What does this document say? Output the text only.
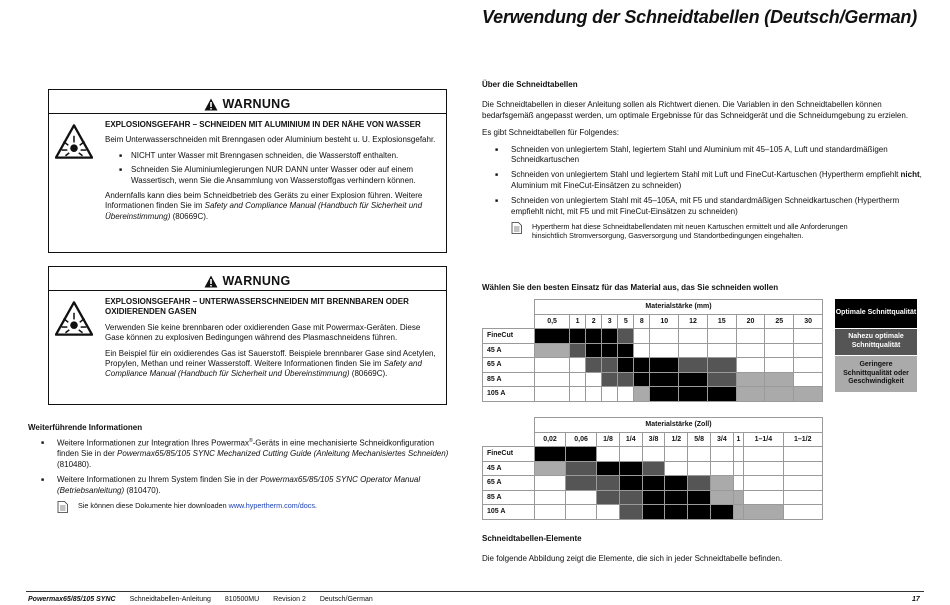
Verwendung der Schneidtabellen (Deutsch/German)
WARNUNG
EXPLOSIONSGEFAHR – SCHNEIDEN MIT ALUMINIUM IN DER NÄHE VON WASSER

Beim Unterwasserschneiden mit Brenngasen oder Aluminium besteht u. U. Explosionsgefahr.

■ NICHT unter Wasser mit Brenngasen schneiden, die Wasserstoff enthalten.
■ Schneiden Sie Aluminiumlegierungen NUR DANN unter Wasser oder auf einem Wassertisch, wenn Sie die Ansammlung von Wasserstoffgas verhindern können.

Andernfalls kann dies beim Schneidbetrieb des Geräts zu einer Explosion führen. Weitere Informationen finden Sie im Safety and Compliance Manual (Handbuch für Sicherheit und Übereinstimmung) (80669C).

WARNUNG
EXPLOSIONSGEFAHR – UNTERWASSERSCHNEIDEN MIT BRENNBAREN ODER OXIDIERENDEN GASEN

Verwenden Sie keine brennbaren oder oxidierenden Gase mit Powermax-Geräten. Diese Gase können zu explosiven Bedingungen während des Plasmaschneidens führen.

Ein Beispiel für ein oxidierendes Gas ist Sauerstoff. Beispiele brennbarer Gase sind Acetylen, Propylen, Methan und reiner Wasserstoff. Weitere Informationen finden Sie im Safety and Compliance Manual (Handbuch für Sicherheit und Übereinstimmung) (80669C).

Weiterführende Informationen
■ Weitere Informationen zur Integration Ihres Powermax®-Geräts in eine mechanisierte Schneidkonfiguration finden Sie in der Powermax65/85/105 SYNC Mechanized Cutting Guide (Anleitung Mechanisiertes Schneiden) (810480).
■ Weitere Informationen zu Ihrem System finden Sie in der Powermax65/85/105 SYNC Operator Manual (Betriebsanleitung) (810470).
Sie können diese Dokumente hier downloaden www.hypertherm.com/docs.
Über die Schneidtabellen

Die Schneidtabellen in dieser Anleitung sollen als Richtwert dienen. Die Variablen in den Schneidtabellen können bedarfsgemäß angepasst werden, um optimale Ergebnisse für das Schneidgerät und die Schneidumgebung zu erzielen.

Es gibt Schneidtabellen für Folgendes:

■ Schneiden von unlegiertem Stahl, legiertem Stahl und Aluminium mit 45–105 A, Luft und standardmäßigen Schneidkartuschen
■ Schneiden von unlegiertem Stahl und legiertem Stahl mit Luft und FineCut-Kartuschen (Hypertherm empfiehlt nicht, Aluminium mit FineCut-Einsätzen zu schneiden)
■ Schneiden von unlegiertem Stahl mit 45–105A, mit F5 und standardmäßigen Schneidkartuschen (Hypertherm empfiehlt nicht, mit F5 und mit FineCut-Einsätzen zu schneiden)
Hypertherm hat diese Schneidtabellendaten mit neuen Kartuschen ermittelt und alle Anforderungen hinsichtlich Stromversorgung, Gasversorgung und Standortbedingungen eingehalten.
Wählen Sie den besten Einsatz für das Material aus, das Sie schneiden wollen
	Materialstärke (mm)											
	0,5	1	2	3	5	8	10	12	15	20	25	30
FineCut												
45 A												
65 A												
85 A												
105 A												
	Materialstärke (Zoll)										
	0,02	0,06	1/8	1/4	3/8	1/2	5/8	3/4	1	1–1/4	1–1/2
FineCut											
45 A											
65 A											
85 A											
105 A											
Optimale Schnittqualität
Nahezu optimale Schnittqualität
Geringere Schnittqualität oder Geschwindigkeit
Schneidtabellen-Elemente
Die folgende Abbildung zeigt die Elemente, die sich in jeder Schneidtabelle befinden.
Powermax65/85/105 SYNC Schneidtabellen-Anleitung 810500MU Revision 2 Deutsch/German	17
